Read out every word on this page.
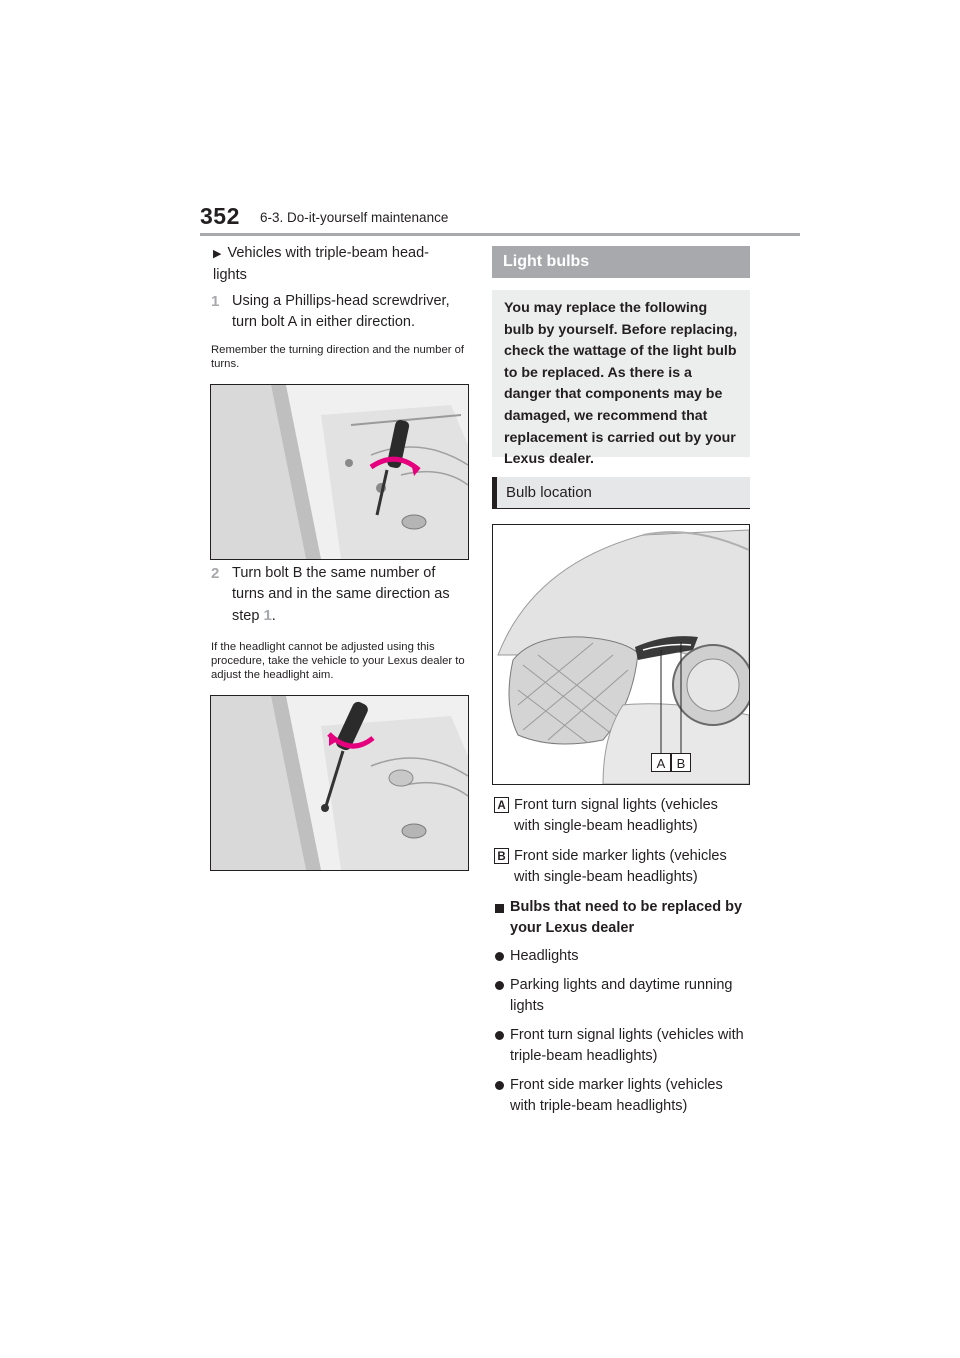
352 6-3. Do-it-yourself maintenance
▶ Vehicles with triple-beam head-lights
1 Using a Phillips-head screwdriver, turn bolt A in either direction.
Remember the turning direction and the number of turns.
2 Turn bolt B the same number of turns and in the same direction as step 1.
If the headlight cannot be adjusted using this procedure, take the vehicle to your Lexus dealer to adjust the headlight aim.
Light bulbs
You may replace the following bulb by yourself. Before replacing, check the wattage of the light bulb to be replaced. As there is a danger that components may be damaged, we recommend that replacement is carried out by your Lexus dealer.
Bulb location
A B
A Front turn signal lights (vehicles with single-beam headlights)
B Front side marker lights (vehicles with single-beam headlights)
Bulbs that need to be replaced by your Lexus dealer
Headlights
Parking lights and daytime running lights
Front turn signal lights (vehicles with triple-beam headlights)
Front side marker lights (vehicles with triple-beam headlights)
